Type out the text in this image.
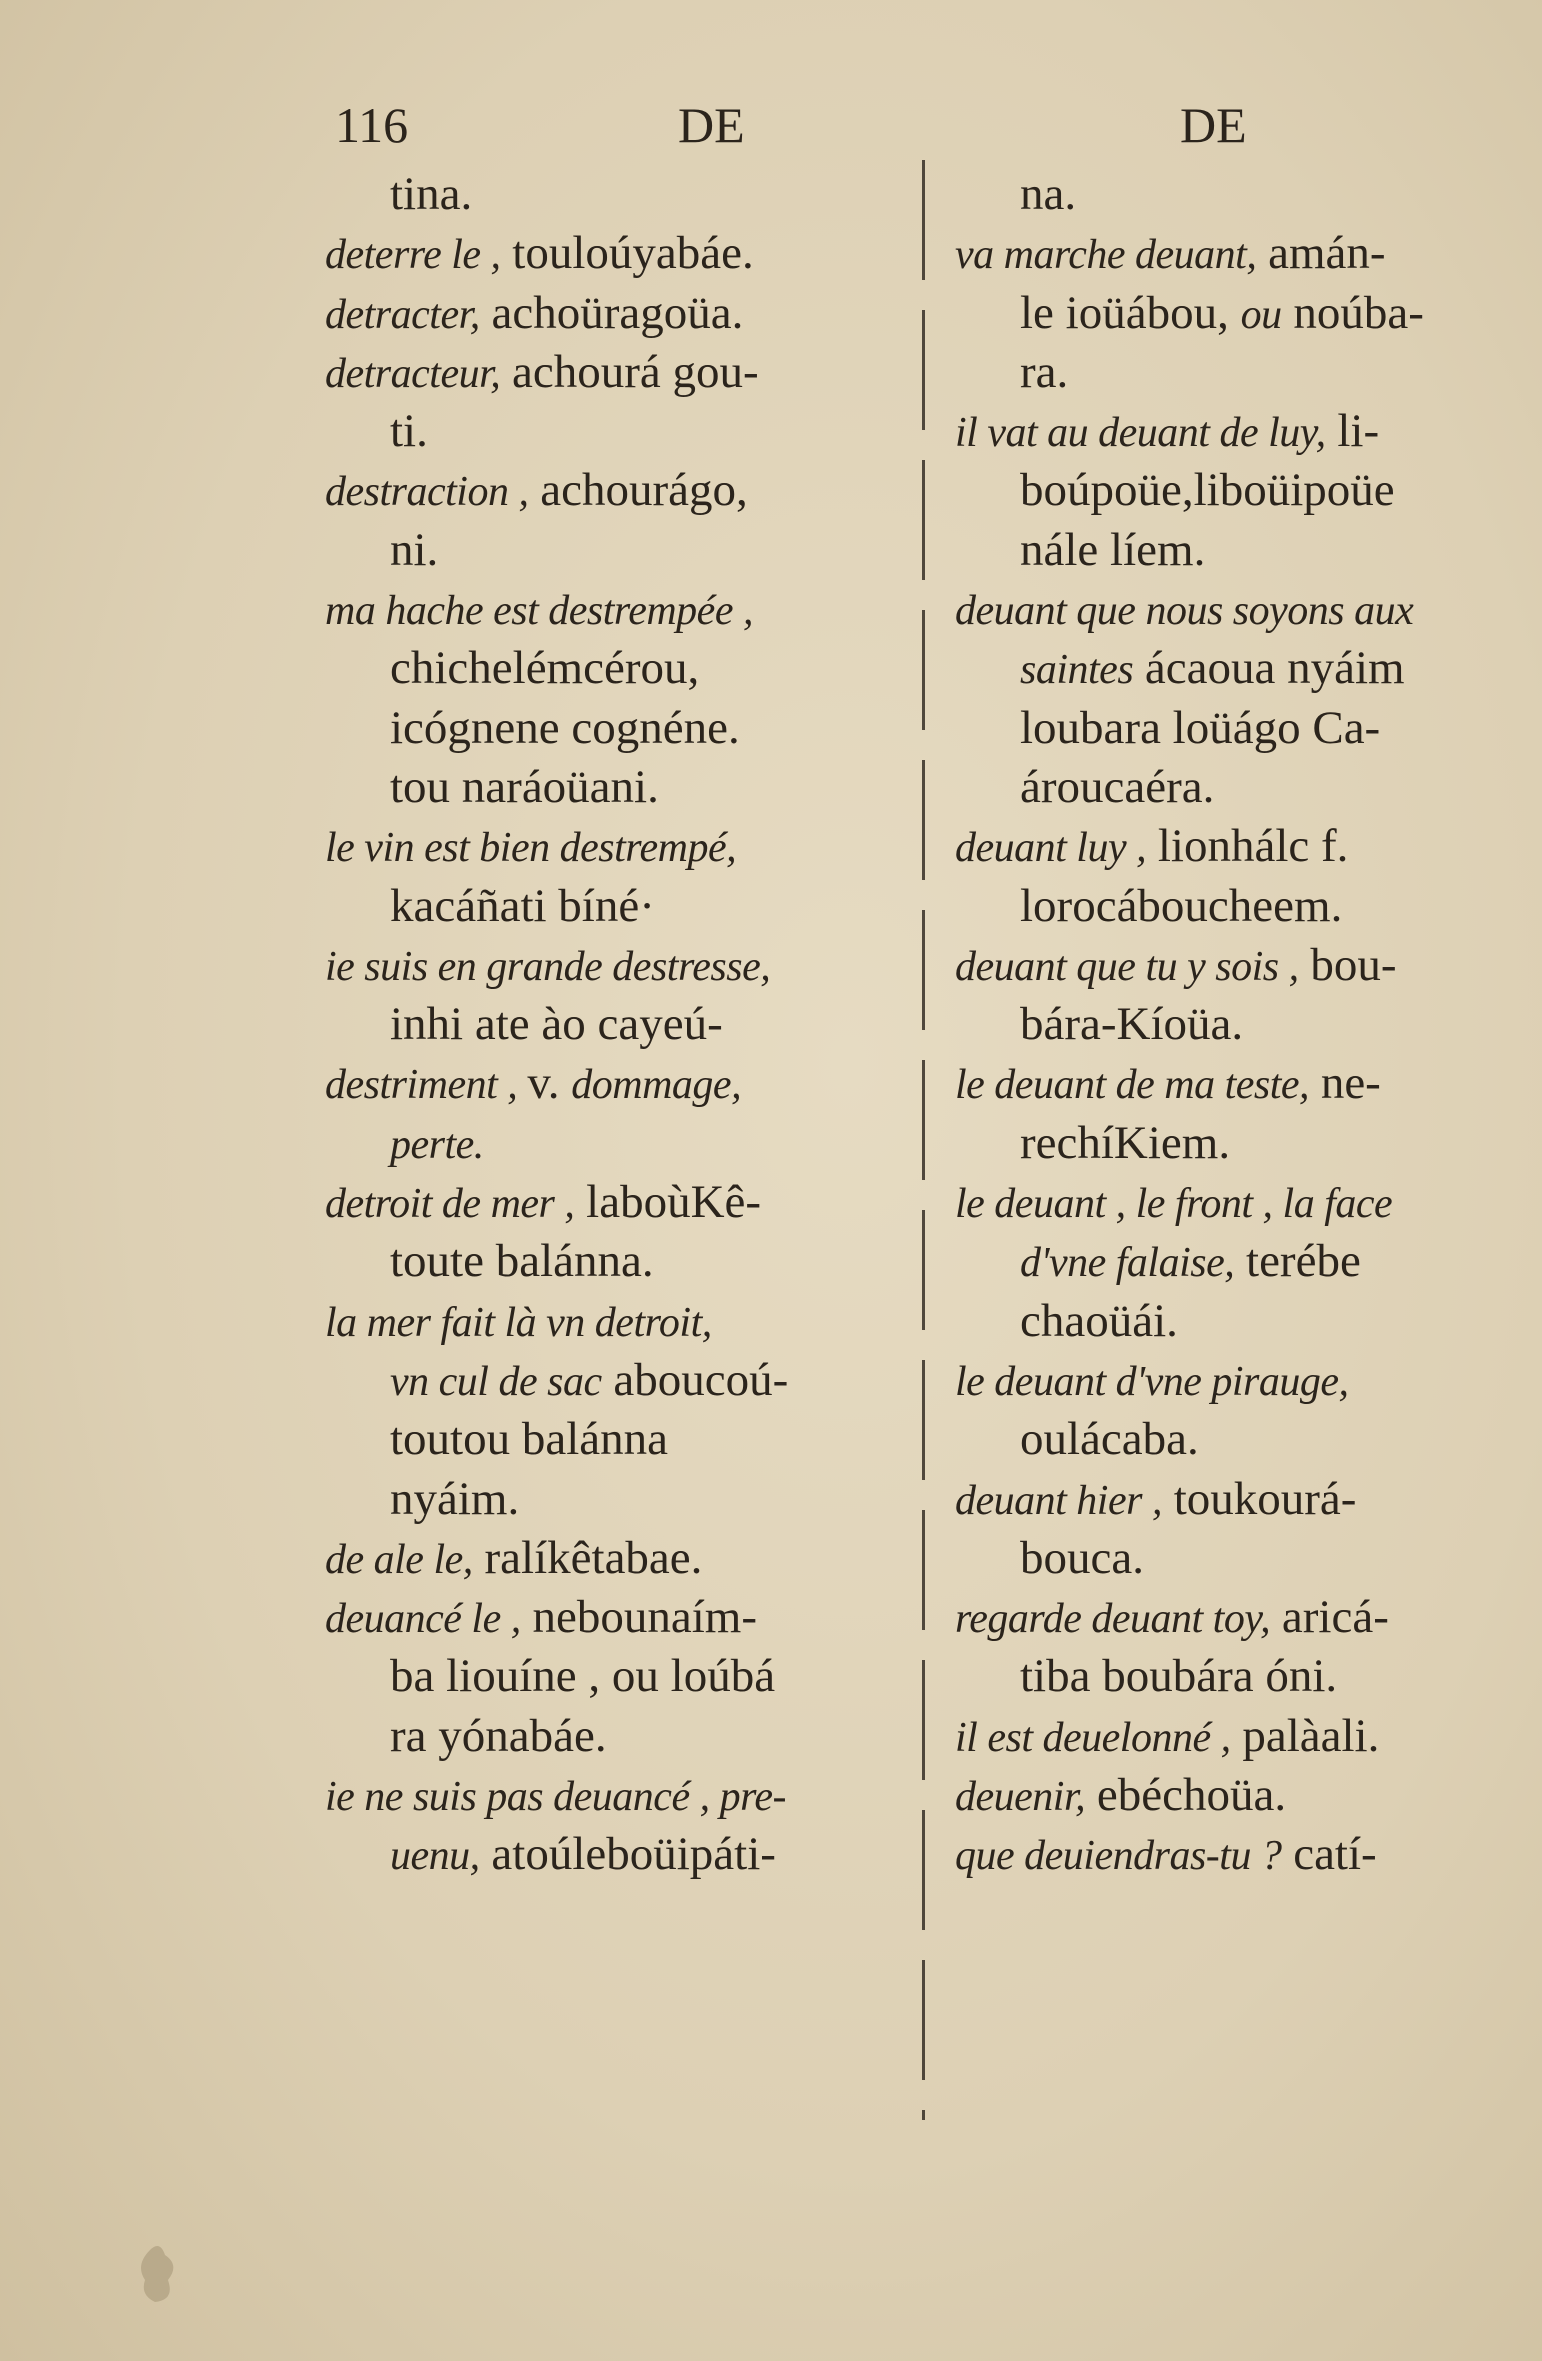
116	DE	DE
tina.
deterre le , touloúyabáe.
detracter, achoüragoüa.
detracteur, achourá gou-
ti.
destraction , achourágo,
ni.
ma hache est destrempée ,
chichelémcérou,
icógnene cognéne.
tou naráoüani.
le vin est bien destrempé,
kacáñati bíné·
ie suis en grande destresse,
inhi ate ào cayeú-
destriment , v. dommage,
perte.
detroit de mer , laboùKê-
toute balánna.
la mer fait là vn detroit,
vn cul de sac aboucoú-
toutou balánna
nyáim.
de ale le, ralíkêtabae.
deuancé le , nebounaím-
ba liouíne , ou loúbá
ra yónabáe.
ie ne suis pas deuancé , pre-
uenu, atoúleboüipáti-
na.
va marche deuant, amán-
le ioüábou, ou noúba-
ra.
il vat au deuant de luy, li-
boúpoüe,liboüipoüe
nále líem.
deuant que nous soyons aux
saintes ácaoua nyáim
loubara loüágo Ca-
ároucaéra.
deuant luy , lionhálc f.
lorocáboucheem.
deuant que tu y sois , bou-
bára-Kíoüa.
le deuant de ma teste, ne-
rechíKiem.
le deuant , le front , la face
d'vne falaise, terébe
chaoüái.
le deuant d'vne pirauge,
oulácaba.
deuant hier , toukourá-
bouca.
regarde deuant toy, aricá-
tiba boubára óni.
il est deuelonné , palàali.
deuenir, ebéchoüa.
que deuiendras-tu ? catí-
